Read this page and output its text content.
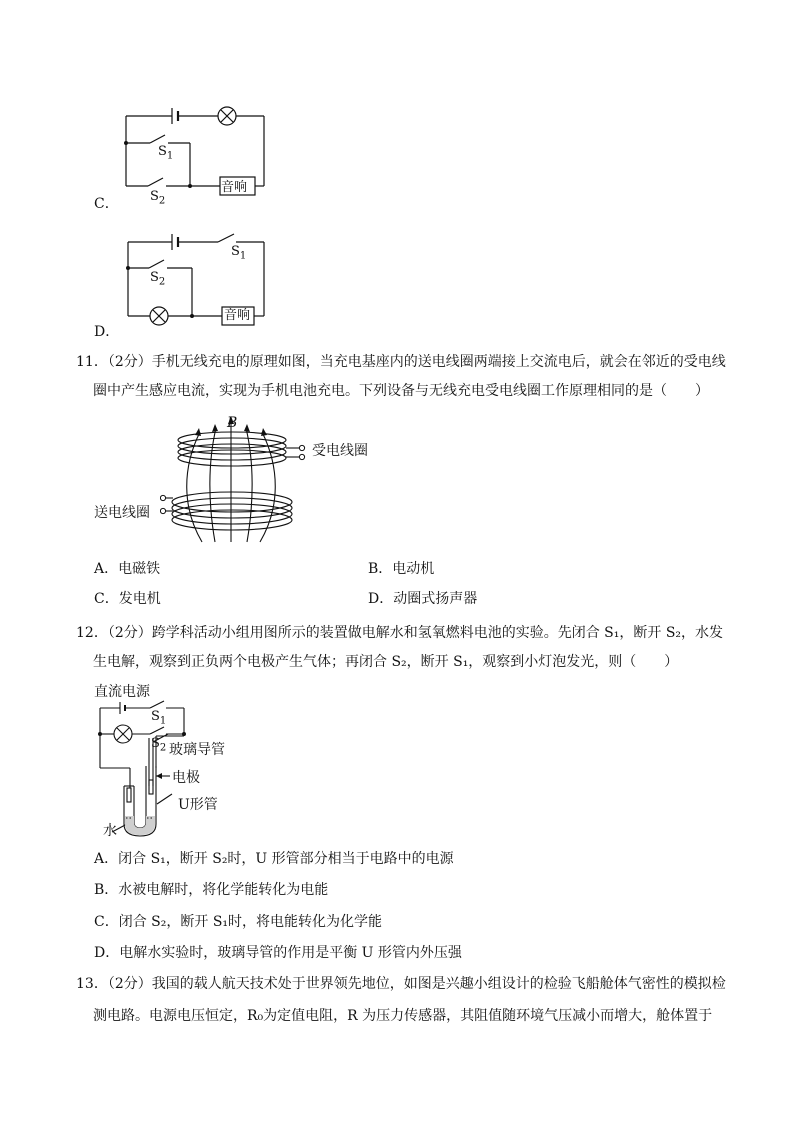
$S_1$
$S_2$
音响
C．
$S_1$
$S_2$
音响
D．
11．（2分）手机无线充电的原理如图，当充电基座内的送电线圈两端接上交流电后，就会在邻近的受电线
圈中产生感应电流，实现为手机电池充电。下列设备与无线充电受电线圈工作原理相同的是（　　）
B
受电线圈
送电线圈
A．电磁铁	B．电动机
C．发电机	D．动圈式扬声器
12．（2分）跨学科活动小组用图所示的装置做电解水和氢氧燃料电池的实验。先闭合 S₁，断开 S₂，水发
生电解，观察到正负两个电极产生气体；再闭合 S₂，断开 S₁，观察到小灯泡发光，则（　　）
直流电源
$S_1$
$S_2$ 玻璃导管
电极
U形管
水
A．闭合 S₁，断开 S₂时，U 形管部分相当于电路中的电源
B．水被电解时，将化学能转化为电能
C．闭合 S₂，断开 S₁时，将电能转化为化学能
D．电解水实验时，玻璃导管的作用是平衡 U 形管内外压强
13．（2分）我国的载人航天技术处于世界领先地位，如图是兴趣小组设计的检验飞船舱体气密性的模拟检
测电路。电源电压恒定，R₀为定值电阻，R 为压力传感器，其阻值随环境气压减小而增大，舱体置于
